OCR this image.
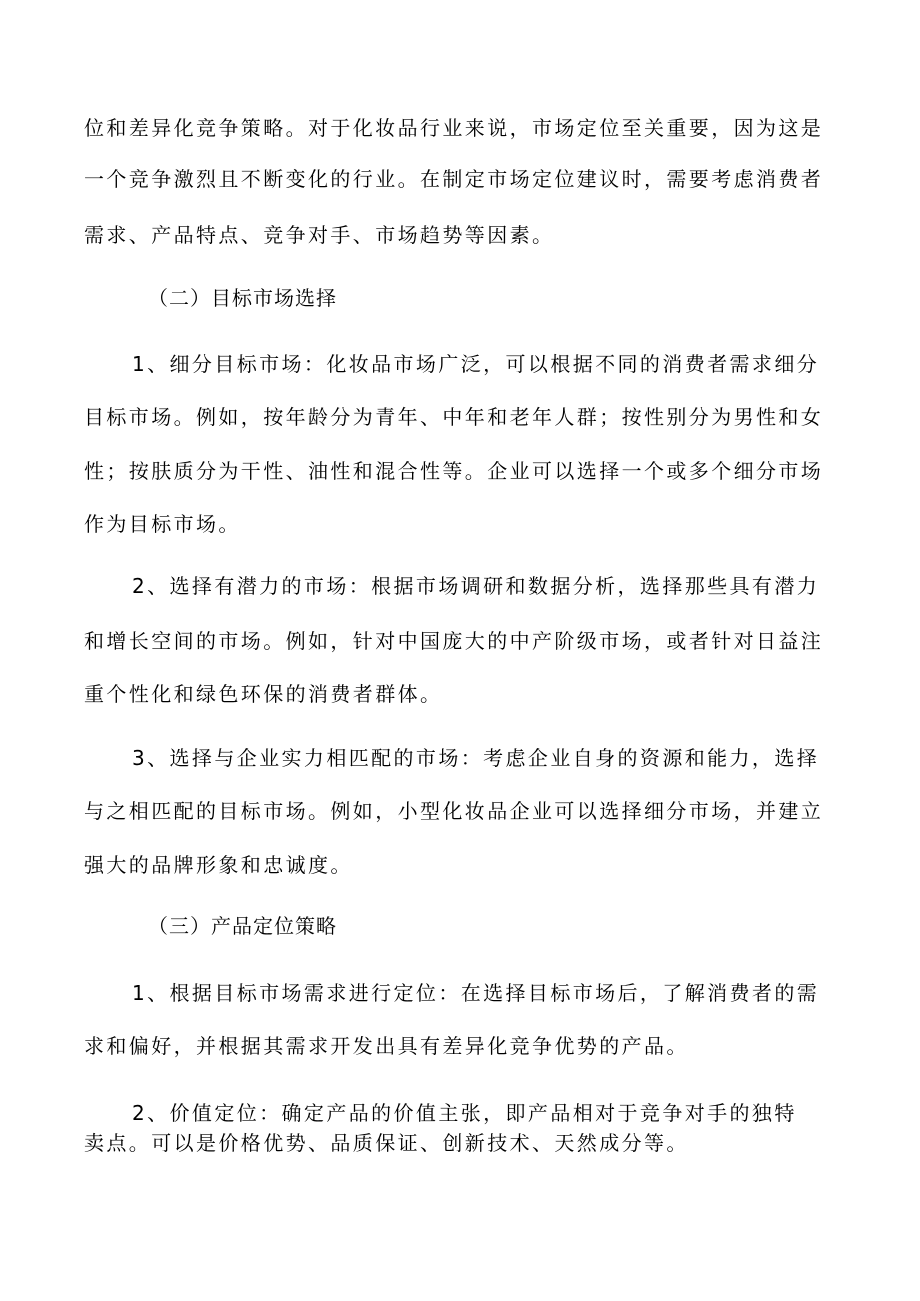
位和差异化竞争策略。对于化妆品行业来说，市场定位至关重要，因为这是
一个竞争激烈且不断变化的行业。在制定市场定位建议时，需要考虑消费者
需求、产品特点、竞争对手、市场趋势等因素。
（二）目标市场选择
1、细分目标市场：化妆品市场广泛，可以根据不同的消费者需求细分
目标市场。例如，按年龄分为青年、中年和老年人群；按性别分为男性和女
性；按肤质分为干性、油性和混合性等。企业可以选择一个或多个细分市场
作为目标市场。
2、选择有潜力的市场：根据市场调研和数据分析，选择那些具有潜力
和增长空间的市场。例如，针对中国庞大的中产阶级市场，或者针对日益注
重个性化和绿色环保的消费者群体。
3、选择与企业实力相匹配的市场：考虑企业自身的资源和能力，选择
与之相匹配的目标市场。例如，小型化妆品企业可以选择细分市场，并建立
强大的品牌形象和忠诚度。
（三）产品定位策略
1、根据目标市场需求进行定位：在选择目标市场后，了解消费者的需
求和偏好，并根据其需求开发出具有差异化竞争优势的产品。
2、价值定位：确定产品的价值主张，即产品相对于竞争对手的独特
卖点。可以是价格优势、品质保证、创新技术、天然成分等。
